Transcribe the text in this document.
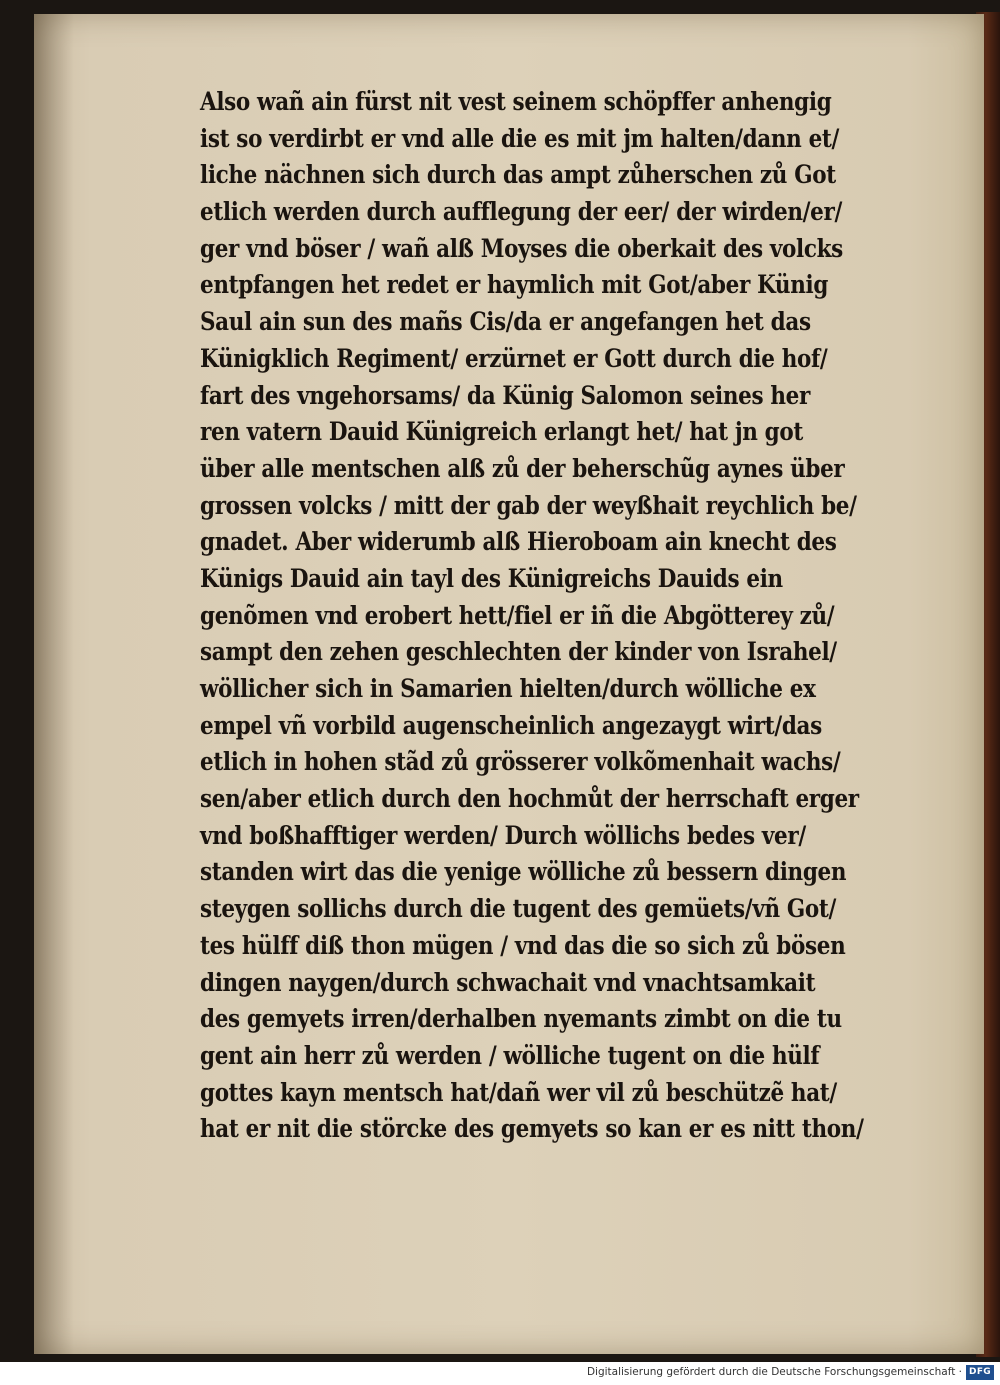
Also wañ ain fürst nit vest seinem schöpffer anhengig
ist so verdirbt er vnd alle die es mit jm halten/dann et/
liche nächnen sich durch das ampt zůherschen zů Got
etlich werden durch aufflegung der eer/ der wirden/er/
ger vnd böser / wañ alß Moyses die oberkait des volcks
entpfangen het redet er haymlich mit Got/aber Künig
Saul ain sun des mañs Cis/da er angefangen het das
Künigklich Regiment/ erzürnet er Gott durch die hof/
fart des vngehorsams/ da Künig Salomon seines her
ren vatern Dauid Künigreich erlangt het/ hat jn got
über alle mentschen alß zů der beherschũg aynes über
grossen volcks / mitt der gab der weyßhait reychlich be/
gnadet. Aber widerumb alß Hieroboam ain knecht des
Künigs Dauid ain tayl des Künigreichs Dauids ein
genõmen vnd erobert hett/fiel er iñ die Abgötterey zů/
sampt den zehen geschlechten der kinder von Israhel/
wöllicher sich in Samarien hielten/durch wölliche ex
empel vñ vorbild augenscheinlich angezaygt wirt/das
etlich in hohen stãd zů grösserer volkõmenhait wachs/
sen/aber etlich durch den hochmůt der herrschaft erger
vnd boßhafftiger werden/ Durch wöllichs bedes ver/
standen wirt das die yenige wölliche zů bessern dingen
steygen sollichs durch die tugent des gemüets/vñ Got/
tes hülff diß thon mügen / vnd das die so sich zů bösen
dingen naygen/durch schwachait vnd vnachtsamkait
des gemyets irren/derhalben nyemants zimbt on die tu
gent ain herr zů werden / wölliche tugent on die hülf
gottes kayn mentsch hat/dañ wer vil zů beschützẽ hat/
hat er nit die störcke des gemyets so kan er es nitt thon/
Digitalisierung gefördert durch die Deutsche Forschungsgemeinschaft · DFG
